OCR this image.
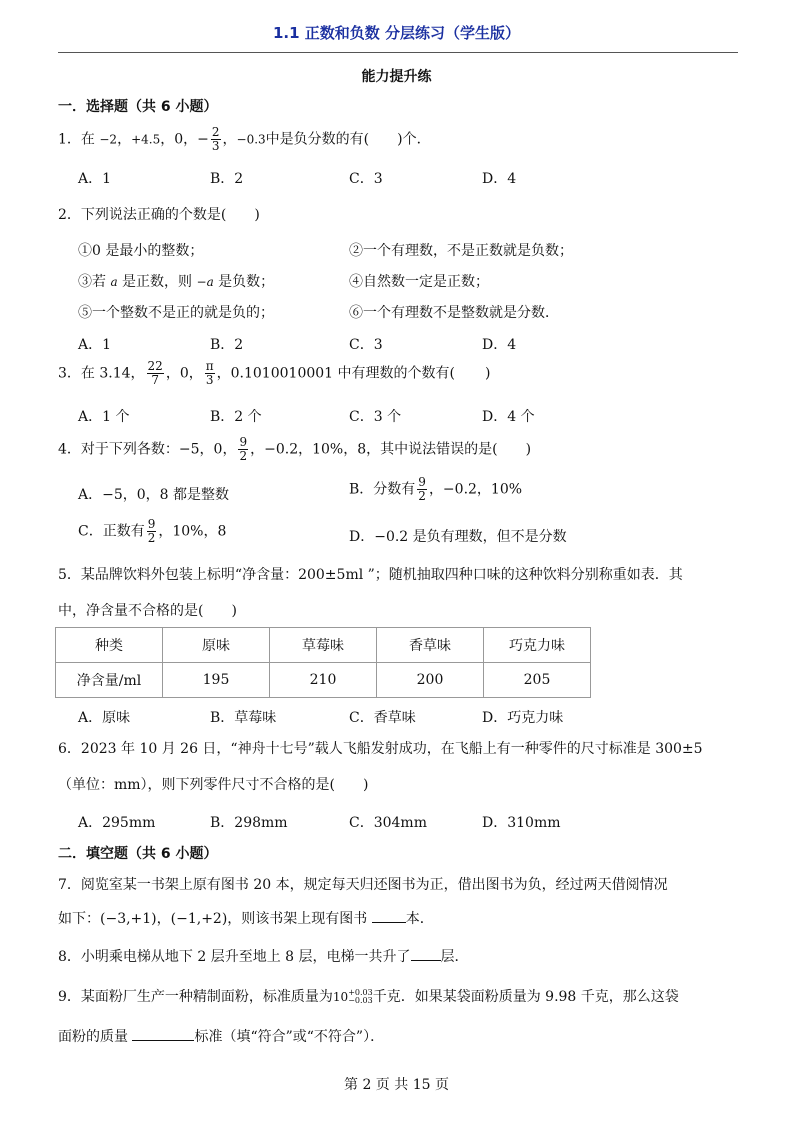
1.1 正数和负数 分层练习（学生版）
能力提升练
一．选择题（共 6 小题）
1．在 −2，+4.5，0，− $\frac{2}{3}$ ，−0.3中是负分数的有( )个．
A．1	B．2	C．3	D．4
2．下列说法正确的个数是( )
①0 是最小的整数；	②一个有理数，不是正数就是负数；
③若 a 是正数，则 −a 是负数；	④自然数一定是正数；
⑤一个整数不是正的就是负的；	⑥一个有理数不是整数就是分数．
A．1	B．2	C．3	D．4
3．在 3.14， $\frac{22}{7}$ ，0， $\frac{\pi}{3}$ ，0.1010010001 中有理数的个数有( )
A．1 个	B．2 个	C．3 个	D．4 个
4．对于下列各数：−5，0， $\frac{9}{2}$ ，−0.2，10%，8，其中说法错误的是( )
A．−5，0，8 都是整数	B．分数有 $\frac{9}{2}$ ，−0.2，10%
C．正数有 $\frac{9}{2}$ ，10%，8	D．−0.2 是负有理数，但不是分数
5．某品牌饮料外包装上标明“净含量：200±5ml ”；随机抽取四种口味的这种饮料分别称重如表．其
中，净含量不合格的是( )
种类	原味	草莓味	香草味	巧克力味
净含量/ml	195	210	200	205
A．原味	B．草莓味	C．香草味	D．巧克力味
6．2023 年 10 月 26 日，“神舟十七号”载人飞船发射成功，在飞船上有一种零件的尺寸标准是 300±5
（单位：mm），则下列零件尺寸不合格的是( )
A．295mm	B．298mm	C．304mm	D．310mm
二．填空题（共 6 小题）
7．阅览室某一书架上原有图书 20 本，规定每天归还图书为正，借出图书为负，经过两天借阅情况
如下：(−3,+1)，(−1,+2)，则该书架上现有图书	本．
8．小明乘电梯从地下 2 层升至地上 8 层，电梯一共升了 层．
9．某面粉厂生产一种精制面粉，标准质量为10 +0.03
−0.03 千克．如果某袋面粉质量为 9.98 千克，那么这袋
面粉的质量	标准（填“符合”或“不符合”）．
第 2 页 共 15 页
